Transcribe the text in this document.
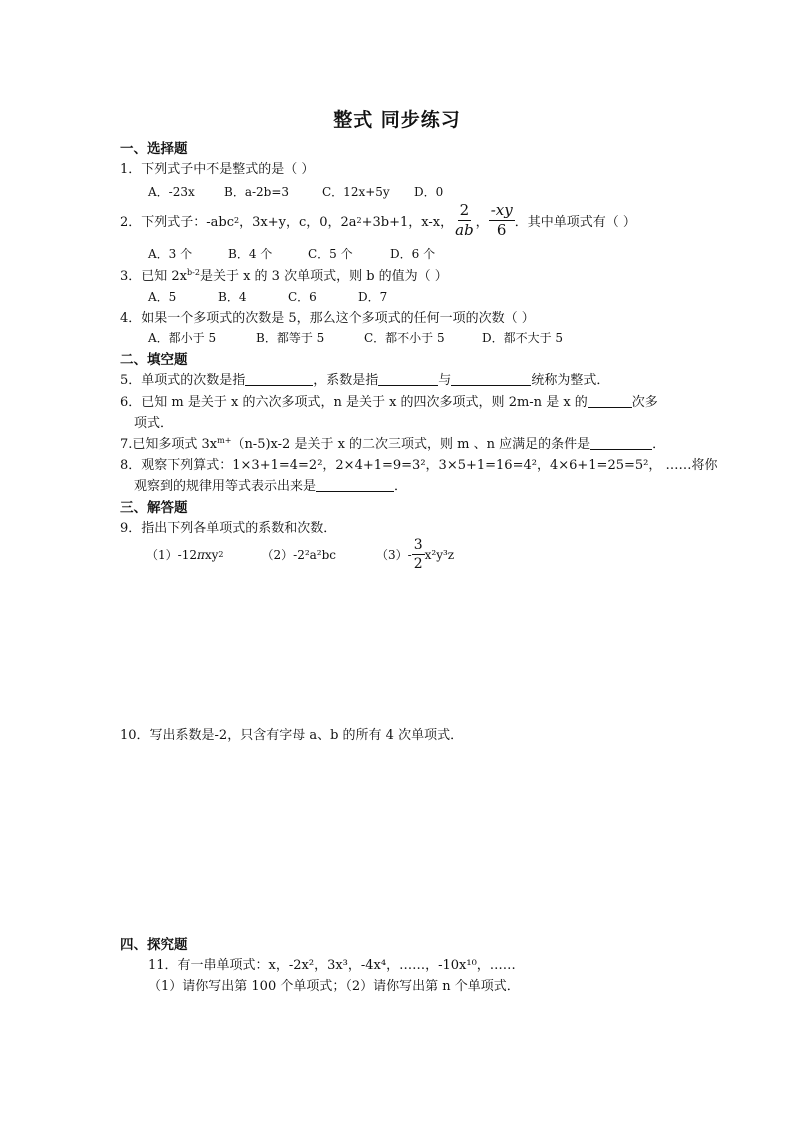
整式 同步练习
一、选择题
1．下列式子中不是整式的是（ ）
A．-23x B．a-2b=3	C．12x+5y D．0
2．下列式子：-abc 2 ，3x+y，c，0，2a 2 +3b+1，x-x， $\frac{2}{ab}$ ， $\frac{-xy}{6}$ ．其中单项式有（ ）
A．3 个	B．4 个	C．5 个	D．6 个
3．已知 $2x^{b-2}$是关于 x 的 3 次单项式，则 b 的值为（ ）
A．5	B．4	C．6	D．7
4．如果一个多项式的次数是 5，那么这个多项式的任何一项的次数（ ）
A．都小于 5	B．都等于 5	C．都不小于 5	D．都不大于 5
二、填空题
5．单项式的次数是指	，系数是指	与	统称为整式．
6．已知 m 是关于 x 的六次多项式，n 是关于 x 的四次多项式，则 2m-n 是 x 的	次多
项式．
7.已知多项式 $3x^{m+}(n-5)x-2$ 是关于 x 的二次三项式，则 m 、n 应满足的条件是	．
8．观察下列算式：1×3+1=4=2²，2×4+1=9=3²，3×5+1=16=4²，4×6+1=25=5²， ……将你
观察到的规律用等式表示出来是	．
三、解答题
9．指出下列各单项式的系数和次数．
（1）-12 π xy 2	（2）-2²a²bc	$(3)- \frac{3}{2} x^2y^3z$
10．写出系数是-2，只含有字母 a、b 的所有 4 次单项式．
四、探究题
11．有一串单项式：x，-2x²，3x³，-4x⁴，……，-10x¹⁰，……
（1）请你写出第 100 个单项式；（2）请你写出第 n 个单项式．
